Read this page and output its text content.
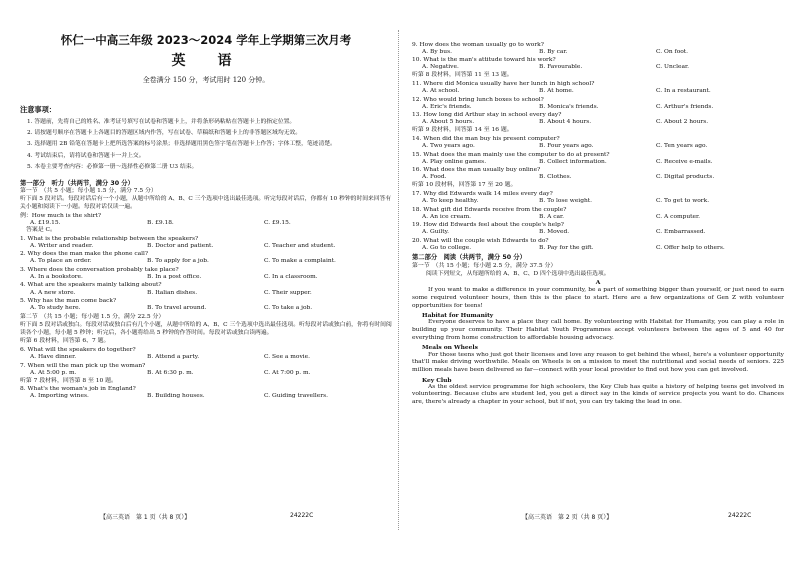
怀仁一中高三年级 2023～2024 学年上学期第三次月考
英　语
全卷满分 150 分，考试用时 120 分钟。
注意事项：
1. 答题前，先将自己的姓名、准考证号填写在试卷和答题卡上，并将条形码粘贴在答题卡上的指定位置。
2. 请按题号顺序在答题卡上各题目的答题区域内作答，写在试卷、草稿纸和答题卡上的非答题区域均无效。
3. 选择题用 2B 铅笔在答题卡上把所选答案的标号涂黑；非选择题用黑色签字笔在答题卡上作答；字体工整，笔迹清楚。
4. 考试结束后，请将试卷和答题卡一并上交。
5. 本卷主要考查内容：必修第一册～选择性必修第二册 U3 结束。
第一部分　听力（共两节，满分 30 分）
第一节　（共 5 小题；每小题 1.5 分，满分 7.5 分）
听下面 5 段对话。每段对话后有一个小题，从题中所给的 A、B、C 三个选项中选出最佳选项。听完每段对话后，你都有 10 秒钟的时间来回答有关小题和阅读下一小题。每段对话仅读一遍。
例：How much is the shirt?
A. £19.15.	B. £9.18.	C. £9.15.
答案是 C。
1. What is the probable relationship between the speakers?
A. Writer and reader.	B. Doctor and patient.	C. Teacher and student.
2. Why does the man make the phone call?
A. To place an order.	B. To apply for a job.	C. To make a complaint.
3. Where does the conversation probably take place?
A. In a bookstore.	B. In a post office.	C. In a classroom.
4. What are the speakers mainly talking about?
A. A new store.	B. Italian dishes.	C. Their supper.
5. Why has the man come back?
A. To study here.	B. To travel around.	C. To take a job.
第二节　（共 15 小题；每小题 1.5 分，满分 22.5 分）
听下面 5 段对话或独白。每段对话或独白后有几个小题，从题中所给的 A、B、C 三个选项中选出最佳选项。听每段对话或独白前，你将有时间阅读各个小题，每小题 5 秒钟；听完后，各小题将给出 5 秒钟的作答时间。每段对话或独白读两遍。
听第 6 段材料，回答第 6、7 题。
6. What will the speakers do together?
A. Have dinner.	B. Attend a party.	C. See a movie.
7. When will the man pick up the woman?
A. At 5:00 p. m.	B. At 6:30 p. m.	C. At 7:00 p. m.
听第 7 段材料，回答第 8 至 10 题。
8. What's the woman's job in England?
A. Importing wines.	B. Building houses.	C. Guiding travellers.
【高三英语　第 1 页（共 8 页）】	24222C
9. How does the woman usually go to work?
A. By bus.	B. By car.	C. On foot.
10. What is the man's attitude toward his work?
A. Negative.	B. Favourable.	C. Unclear.
听第 8 段材料，回答第 11 至 13 题。
11. Where did Monica usually have her lunch in high school?
A. At school.	B. At home.	C. In a restaurant.
12. Who would bring lunch boxes to school?
A. Eric's friends.	B. Monica's friends.	C. Arthur's friends.
13. How long did Arthur stay in school every day?
A. About 5 hours.	B. About 4 hours.	C. About 2 hours.
听第 9 段材料，回答第 14 至 16 题。
14. When did the man buy his present computer?
A. Two years ago.	B. Four years ago.	C. Ten years ago.
15. What does the man mainly use the computer to do at present?
A. Play online games.	B. Collect information.	C. Receive e-mails.
16. What does the man usually buy online?
A. Food.	B. Clothes.	C. Digital products.
听第 10 段材料，回答第 17 至 20 题。
17. Why did Edwards walk 14 miles every day?
A. To keep healthy.	B. To lose weight.	C. To get to work.
18. What gift did Edwards receive from the couple?
A. An ice cream.	B. A car.	C. A computer.
19. How did Edwards feel about the couple's help?
A. Guilty.	B. Moved.	C. Embarrassed.
20. What will the couple wish Edwards to do?
A. Go to college.	B. Pay for the gift.	C. Offer help to others.
第二部分　阅读（共两节，满分 50 分）
第一节　（共 15 小题；每小题 2.5 分，满分 37.5 分）
阅读下列短文，从每题所给的 A、B、C、D 四个选项中选出最佳选项。
A
If you want to make a difference in your community, be a part of something bigger than yourself, or just need to earn some required volunteer hours, then this is the place to start. Here are a few organizations of Gen Z with volunteer opportunities for teens!
Habitat for Humanity
Everyone deserves to have a place they call home. By volunteering with Habitat for Humanity, you can play a role in building up your community. Their Habitat Youth Programmes accept volunteers between the ages of 5 and 40 for everything from home construction to affordable housing advocacy.
Meals on Wheels
For those teens who just got their licenses and love any reason to get behind the wheel, here's a volunteer opportunity that'll make driving worthwhile. Meals on Wheels is on a mission to meet the nutritional and social needs of seniors. 225 million meals have been delivered so far—connect with your local provider to find out how you can get involved.
Key Club
As the oldest service programme for high schoolers, the Key Club has quite a history of helping teens get involved in volunteering. Because clubs are student led, you get a direct say in the kinds of service projects you want to do. Chances are, there's already a chapter in your school, but if not, you can try taking the lead in one.
【高三英语　第 2 页（共 8 页）】	24222C
